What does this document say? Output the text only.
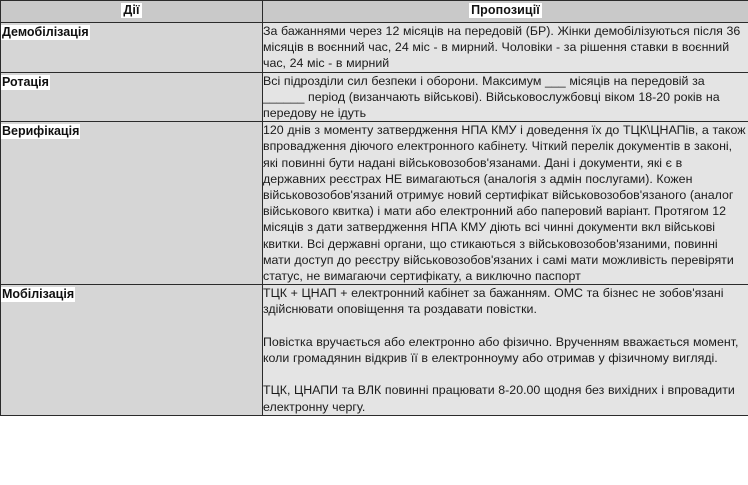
Дії	Пропозиції
Демобілізація	За бажаннями через 12 місяців на передовій (БР). Жінки демобілізуються після 36 місяців в воєнний час, 24 міс - в мирний. Чоловіки - за рішення ставки в воєнний час, 24 міс - в мирний

Ротація	Всі підрозділи сил безпеки і оборони. Максимум ___ місяців на передовій за ______ період (визанчають військові). Військовослужбовці віком 18-20 років на передову не ідуть

Верифікація	120 днів з моменту затвердження НПА КМУ і доведення їх до ТЦК\ЦНАПів, а також впровадження діючого електронного кабінету. Чіткий перелік документів в законі, які повинні бути надані військовозобов'язанами. Дані і документи, які є в державних реєстрах НЕ вимагаються (аналогія з адмін послугами). Кожен військовозобов'язаний отримує новий сертифікат військовозобов'язаного (аналог військового квитка) і мати або електронний або паперовий варіант. Протягом 12 місяців з дати затвердження НПА КМУ діють всі чинні документи вкл військові квитки. Всі державні органи, що стикаються з військовозобов'язаними, повинні мати доступ до реєстру військовозобов'язаних і самі мати можливість перевіряти статус, не вимагаючи сертифікату, а виключно паспорт

Мобілізація	ТЦК + ЦНАП + електронний кабінет за бажанням. ОМС та бізнес не зобов'язані здійснювати оповіщення та роздавати повістки.

Повістка вручається або електронно або фізично. Врученням вважається момент, коли громадянин відкрив її в електронноуму або отримав у фізичному вигляді.

ТЦК, ЦНАПИ та ВЛК повинні працювати 8-20.00 щодня без вихідних і впровадити електронну чергу.
